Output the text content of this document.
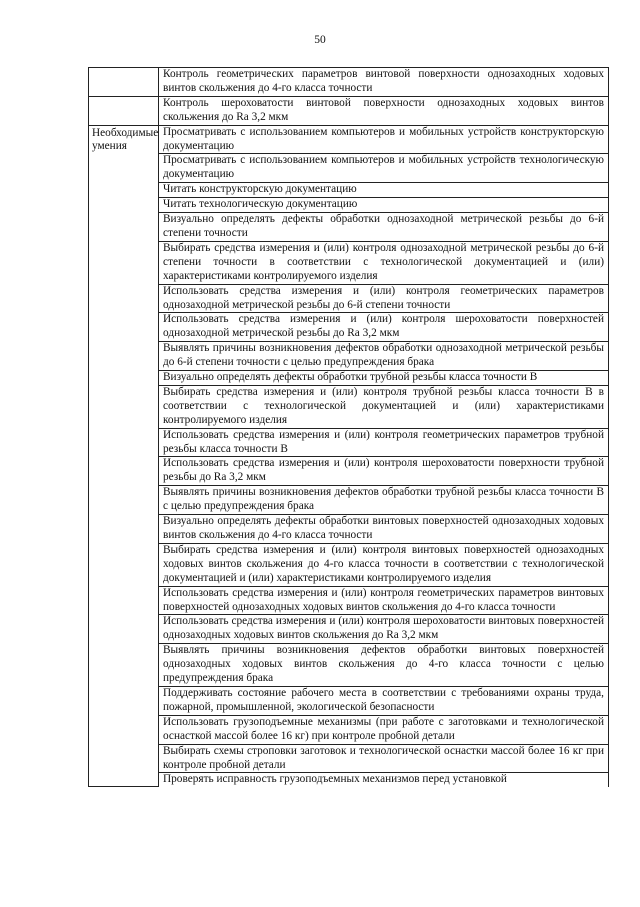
50
Контроль геометрических параметров винтовой поверхности однозаходных ходовых винтов скольжения до 4-го класса точности
Контроль шероховатости винтовой поверхности однозаходных ходовых винтов скольжения до Ra 3,2 мкм
Необходимые умения
Просматривать с использованием компьютеров и мобильных устройств конструкторскую документацию
Просматривать с использованием компьютеров и мобильных устройств технологическую документацию
Читать конструкторскую документацию
Читать технологическую документацию
Визуально определять дефекты обработки однозаходной метрической резьбы до 6-й степени точности
Выбирать средства измерения и (или) контроля однозаходной метрической резьбы до 6-й степени точности в соответствии с технологической документацией и (или) характеристиками контролируемого изделия
Использовать средства измерения и (или) контроля геометрических параметров однозаходной метрической резьбы до 6-й степени точности
Использовать средства измерения и (или) контроля шероховатости поверхностей однозаходной метрической резьбы до Ra 3,2 мкм
Выявлять причины возникновения дефектов обработки однозаходной метрической резьбы до 6-й степени точности с целью предупреждения брака
Визуально определять дефекты обработки трубной резьбы класса точности В
Выбирать средства измерения и (или) контроля трубной резьбы класса точности В в соответствии с технологической документацией и (или) характеристиками контролируемого изделия
Использовать средства измерения и (или) контроля геометрических параметров трубной резьбы класса точности В
Использовать средства измерения и (или) контроля шероховатости поверхности трубной резьбы до Ra 3,2 мкм
Выявлять причины возникновения дефектов обработки трубной резьбы класса точности В с целью предупреждения брака
Визуально определять дефекты обработки винтовых поверхностей однозаходных ходовых винтов скольжения до 4-го класса точности
Выбирать средства измерения и (или) контроля винтовых поверхностей однозаходных ходовых винтов скольжения до 4-го класса точности в соответствии с технологической документацией и (или) характеристиками контролируемого изделия
Использовать средства измерения и (или) контроля геометрических параметров винтовых поверхностей однозаходных ходовых винтов скольжения до 4-го класса точности
Использовать средства измерения и (или) контроля шероховатости винтовых поверхностей однозаходных ходовых винтов скольжения до Ra 3,2 мкм
Выявлять причины возникновения дефектов обработки винтовых поверхностей однозаходных ходовых винтов скольжения до 4-го класса точности с целью предупреждения брака
Поддерживать состояние рабочего места в соответствии с требованиями охраны труда, пожарной, промышленной, экологической безопасности
Использовать грузоподъемные механизмы (при работе с заготовками и технологической оснасткой массой более 16 кг) при контроле пробной детали
Выбирать схемы строповки заготовок и технологической оснастки массой более 16 кг при контроле пробной детали
Проверять исправность грузоподъемных механизмов перед установкой
